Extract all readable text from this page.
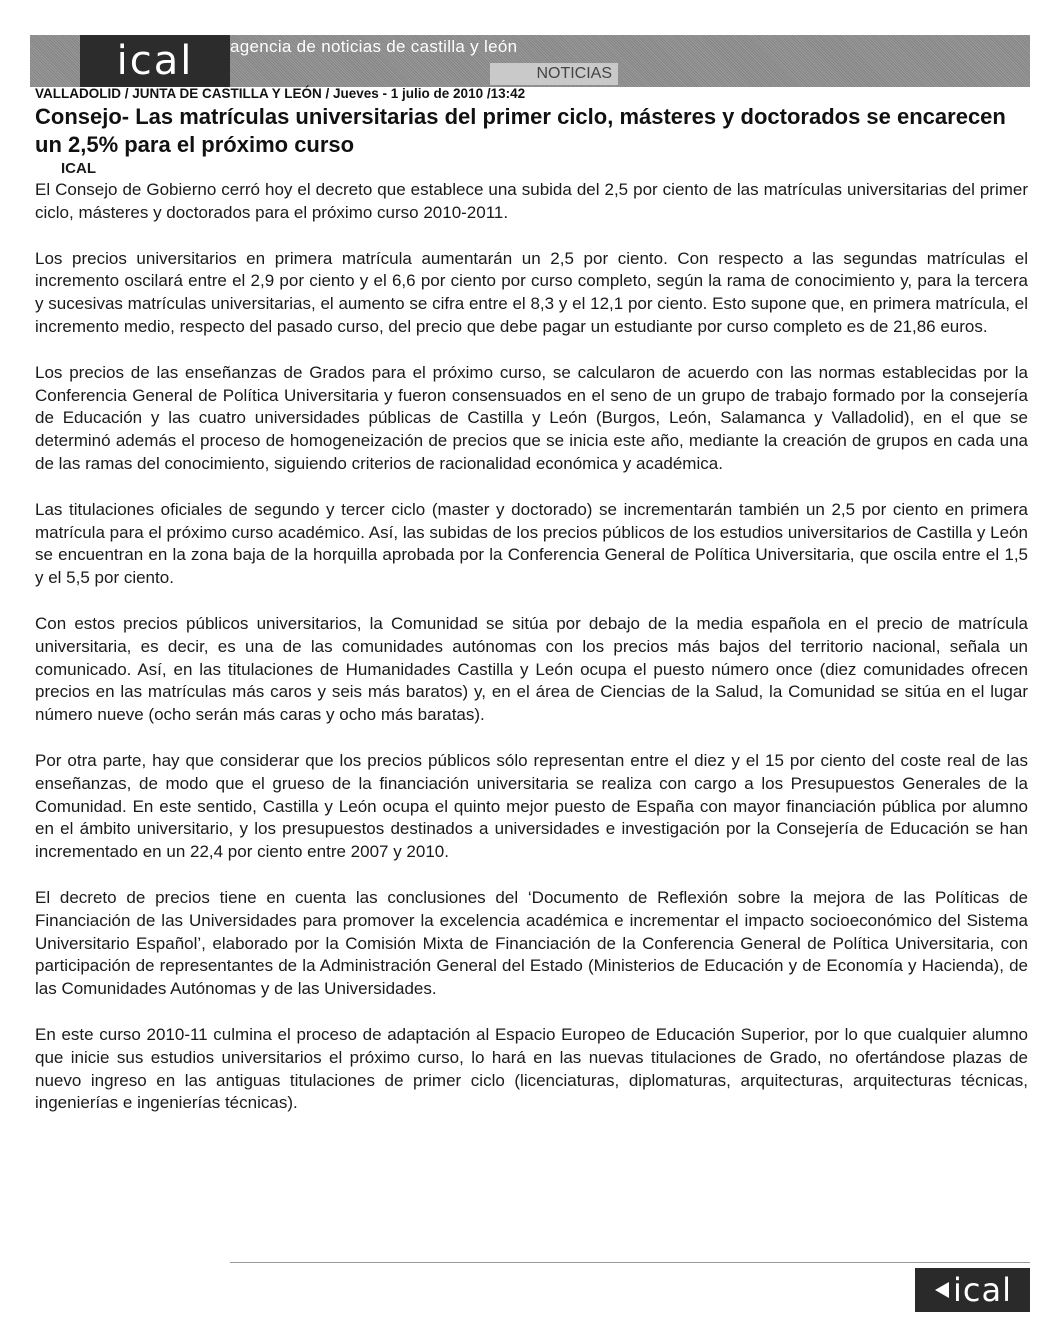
ical	agencia de noticias de castilla y león
NOTICIAS
VALLADOLID / JUNTA DE CASTILLA Y LEÓN / Jueves - 1 julio de 2010 /13:42
Consejo- Las matrículas universitarias del primer ciclo, másteres y doctorados se encarecen un 2,5% para el próximo curso
ICAL

El Consejo de Gobierno cerró hoy el decreto que establece una subida del 2,5 por ciento de las matrículas universitarias del primer ciclo, másteres y doctorados para el próximo curso 2010-2011.

Los precios universitarios en primera matrícula aumentarán un 2,5 por ciento. Con respecto a las segundas matrículas el incremento oscilará entre el 2,9 por ciento y el 6,6 por ciento por curso completo, según la rama de conocimiento y, para la tercera y sucesivas matrículas universitarias, el aumento se cifra entre el 8,3 y el 12,1 por ciento. Esto supone que, en primera matrícula, el incremento medio, respecto del pasado curso, del precio que debe pagar un estudiante por curso completo es de 21,86 euros.

Los precios de las enseñanzas de Grados para el próximo curso, se calcularon de acuerdo con las normas establecidas por la Conferencia General de Política Universitaria y fueron consensuados en el seno de un grupo de trabajo formado por la consejería de Educación y las cuatro universidades públicas de Castilla y León (Burgos, León, Salamanca y Valladolid), en el que se determinó además el proceso de homogeneización de precios que se inicia este año, mediante la creación de grupos en cada una de las ramas del conocimiento, siguiendo criterios de racionalidad económica y académica.

Las titulaciones oficiales de segundo y tercer ciclo (master y doctorado) se incrementarán también un 2,5 por ciento en primera matrícula para el próximo curso académico. Así, las subidas de los precios públicos de los estudios universitarios de Castilla y León se encuentran en la zona baja de la horquilla aprobada por la Conferencia General de Política Universitaria, que oscila entre el 1,5 y el 5,5 por ciento.

Con estos precios públicos universitarios, la Comunidad se sitúa por debajo de la media española en el precio de matrícula universitaria, es decir, es una de las comunidades autónomas con los precios más bajos del territorio nacional, señala un comunicado. Así, en las titulaciones de Humanidades Castilla y León ocupa el puesto número once (diez comunidades ofrecen precios en las matrículas más caros y seis más baratos) y, en el área de Ciencias de la Salud, la Comunidad se sitúa en el lugar número nueve (ocho serán más caras y ocho más baratas).

Por otra parte, hay que considerar que los precios públicos sólo representan entre el diez y el 15 por ciento del coste real de las enseñanzas, de modo que el grueso de la financiación universitaria se realiza con cargo a los Presupuestos Generales de la Comunidad. En este sentido, Castilla y León ocupa el quinto mejor puesto de España con mayor financiación pública por alumno en el ámbito universitario, y los presupuestos destinados a universidades e investigación por la Consejería de Educación se han incrementado en un 22,4 por ciento entre 2007 y 2010.

El decreto de precios tiene en cuenta las conclusiones del ‘Documento de Reflexión sobre la mejora de las Políticas de Financiación de las Universidades para promover la excelencia académica e incrementar el impacto socioeconómico del Sistema Universitario Español’, elaborado por la Comisión Mixta de Financiación de la Conferencia General de Política Universitaria, con participación de representantes de la Administración General del Estado (Ministerios de Educación y de Economía y Hacienda), de las Comunidades Autónomas y de las Universidades.

En este curso 2010-11 culmina el proceso de adaptación al Espacio Europeo de Educación Superior, por lo que cualquier alumno que inicie sus estudios universitarios el próximo curso, lo hará en las nuevas titulaciones de Grado, no ofertándose plazas de nuevo ingreso en las antiguas titulaciones de primer ciclo (licenciaturas, diplomaturas, arquitecturas, arquitecturas técnicas, ingenierías e ingenierías técnicas).

ical
